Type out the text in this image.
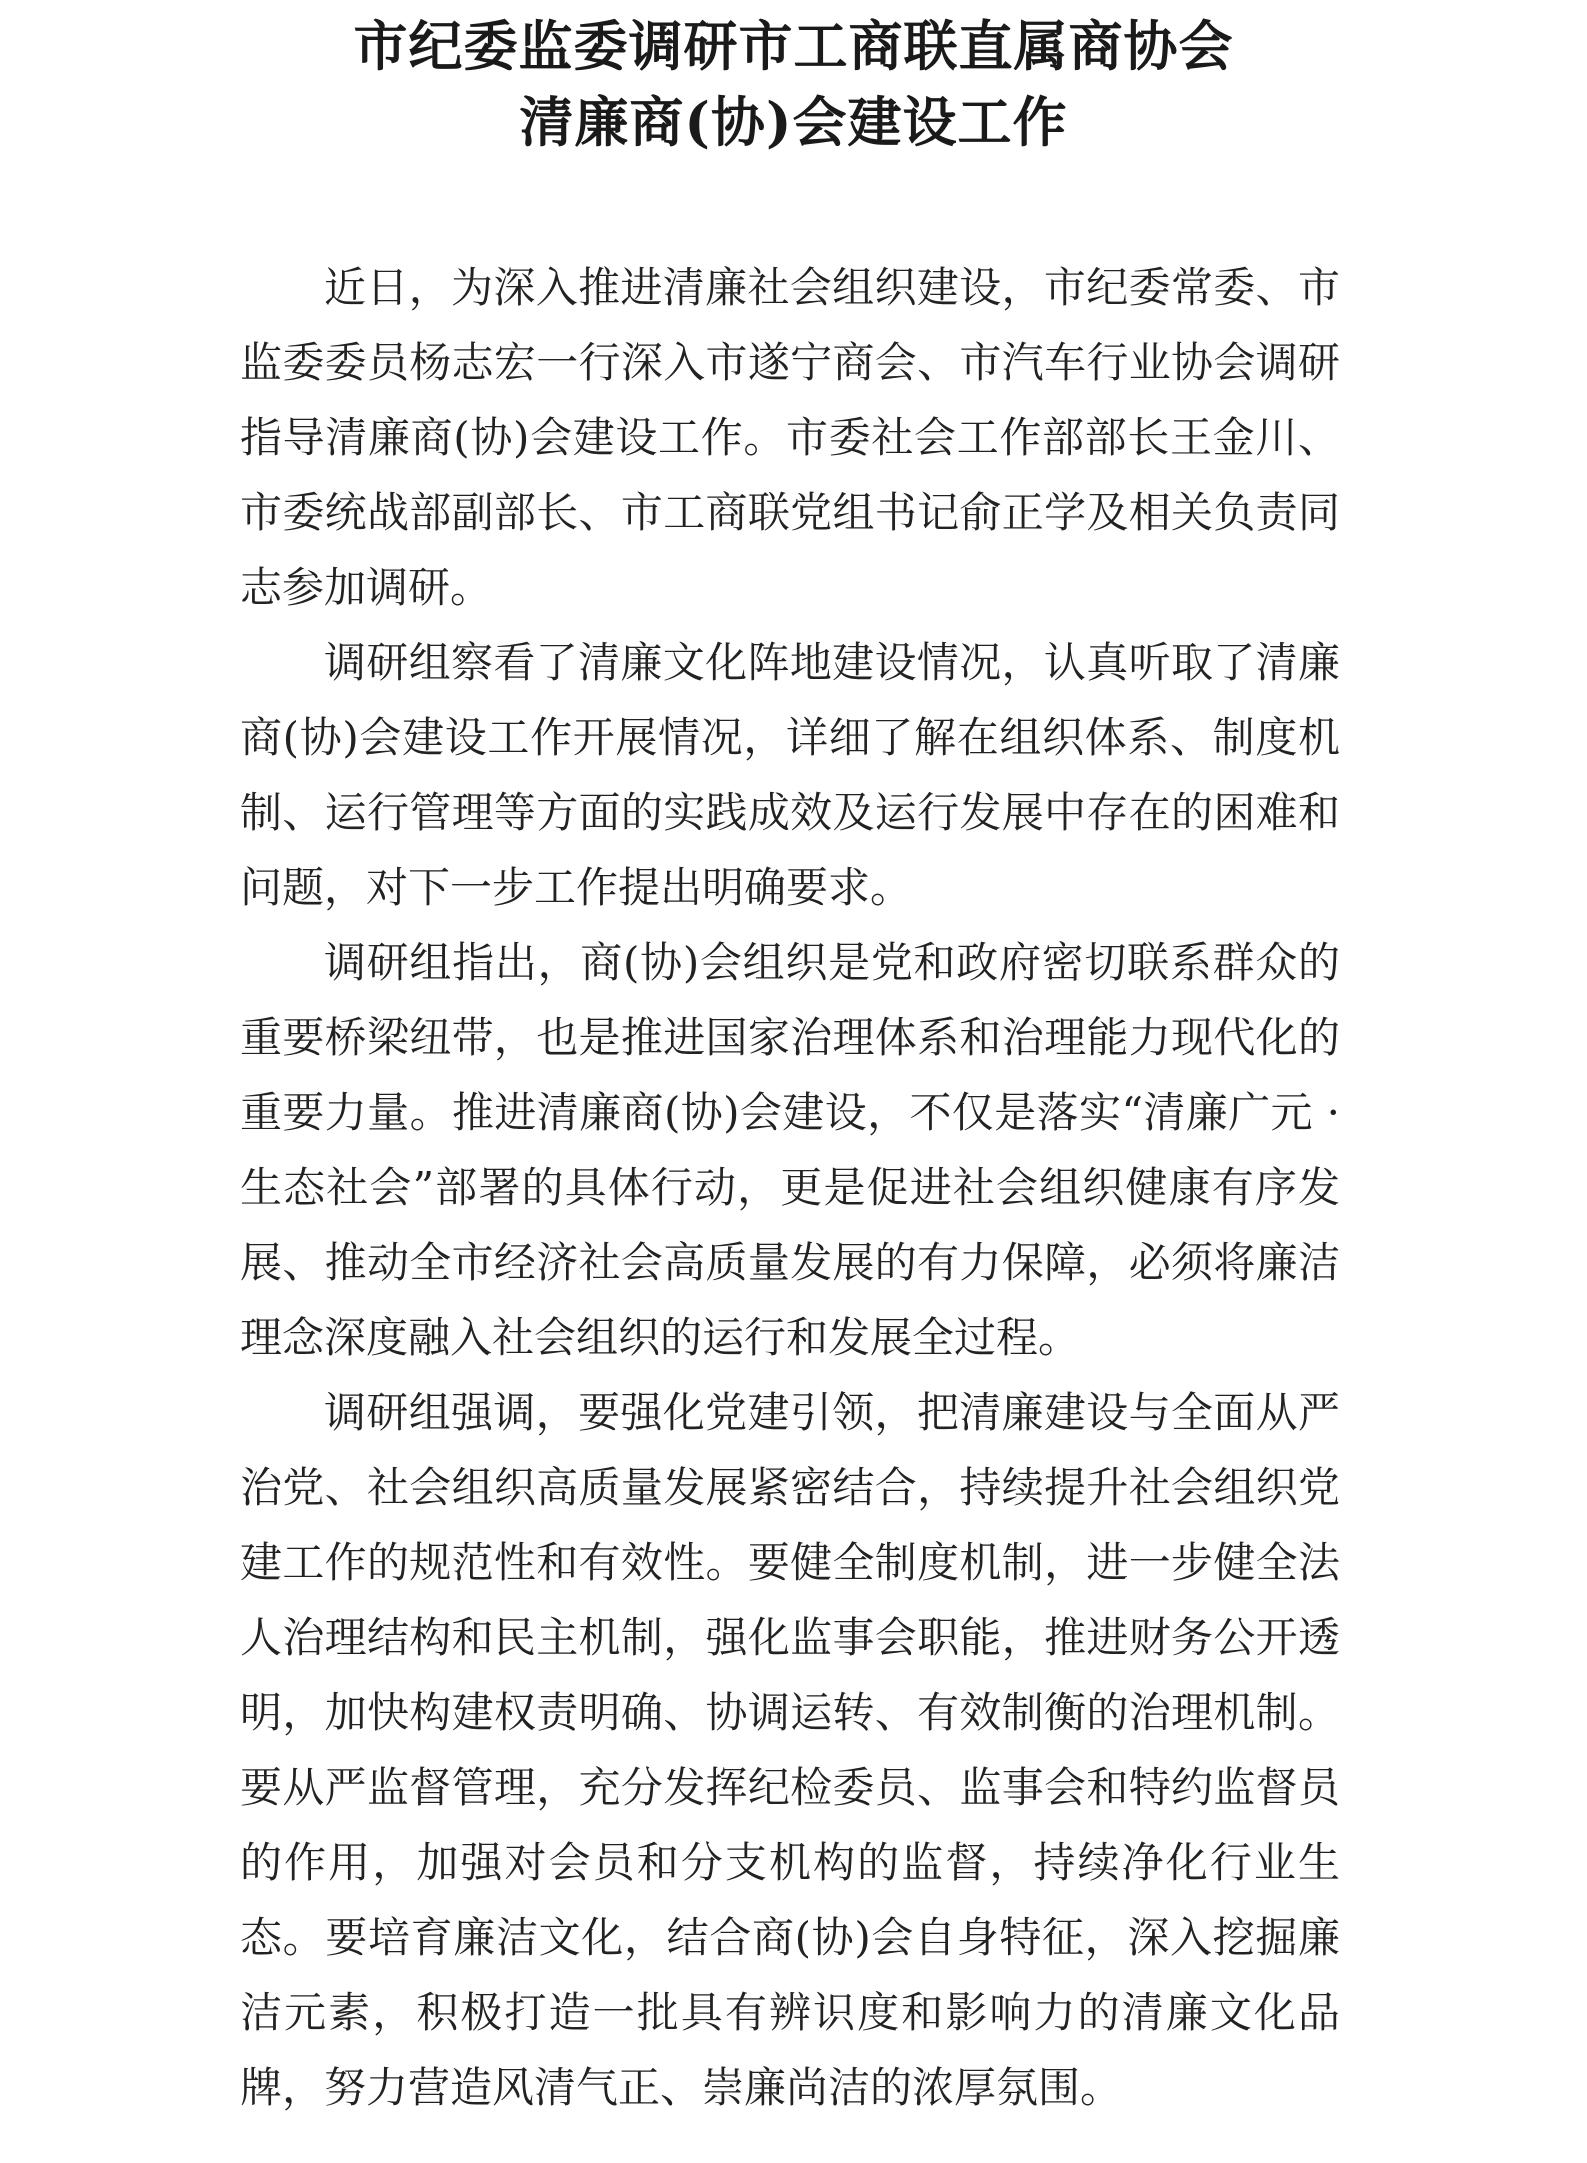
市纪委监委调研市工商联直属商协会
清廉商(协)会建设工作

近日，为深入推进清廉社会组织建设，市纪委常委、市监委委员杨志宏一行深入市遂宁商会、市汽车行业协会调研指导清廉商(协)会建设工作。市委社会工作部部长王金川、市委统战部副部长、市工商联党组书记俞正学及相关负责同志参加调研。

调研组察看了清廉文化阵地建设情况，认真听取了清廉商(协)会建设工作开展情况，详细了解在组织体系、制度机制、运行管理等方面的实践成效及运行发展中存在的困难和问题，对下一步工作提出明确要求。

调研组指出，商(协)会组织是党和政府密切联系群众的重要桥梁纽带，也是推进国家治理体系和治理能力现代化的重要力量。推进清廉商(协)会建设，不仅是落实“清廉广元 ·生态社会”部署的具体行动，更是促进社会组织健康有序发展、推动全市经济社会高质量发展的有力保障，必须将廉洁理念深度融入社会组织的运行和发展全过程。

调研组强调，要强化党建引领，把清廉建设与全面从严治党、社会组织高质量发展紧密结合，持续提升社会组织党建工作的规范性和有效性。要健全制度机制，进一步健全法人治理结构和民主机制，强化监事会职能，推进财务公开透明，加快构建权责明确、协调运转、有效制衡的治理机制。要从严监督管理，充分发挥纪检委员、监事会和特约监督员的作用，加强对会员和分支机构的监督，持续净化行业生态。要培育廉洁文化，结合商(协)会自身特征，深入挖掘廉洁元素，积极打造一批具有辨识度和影响力的清廉文化品牌，努力营造风清气正、崇廉尚洁的浓厚氛围。
